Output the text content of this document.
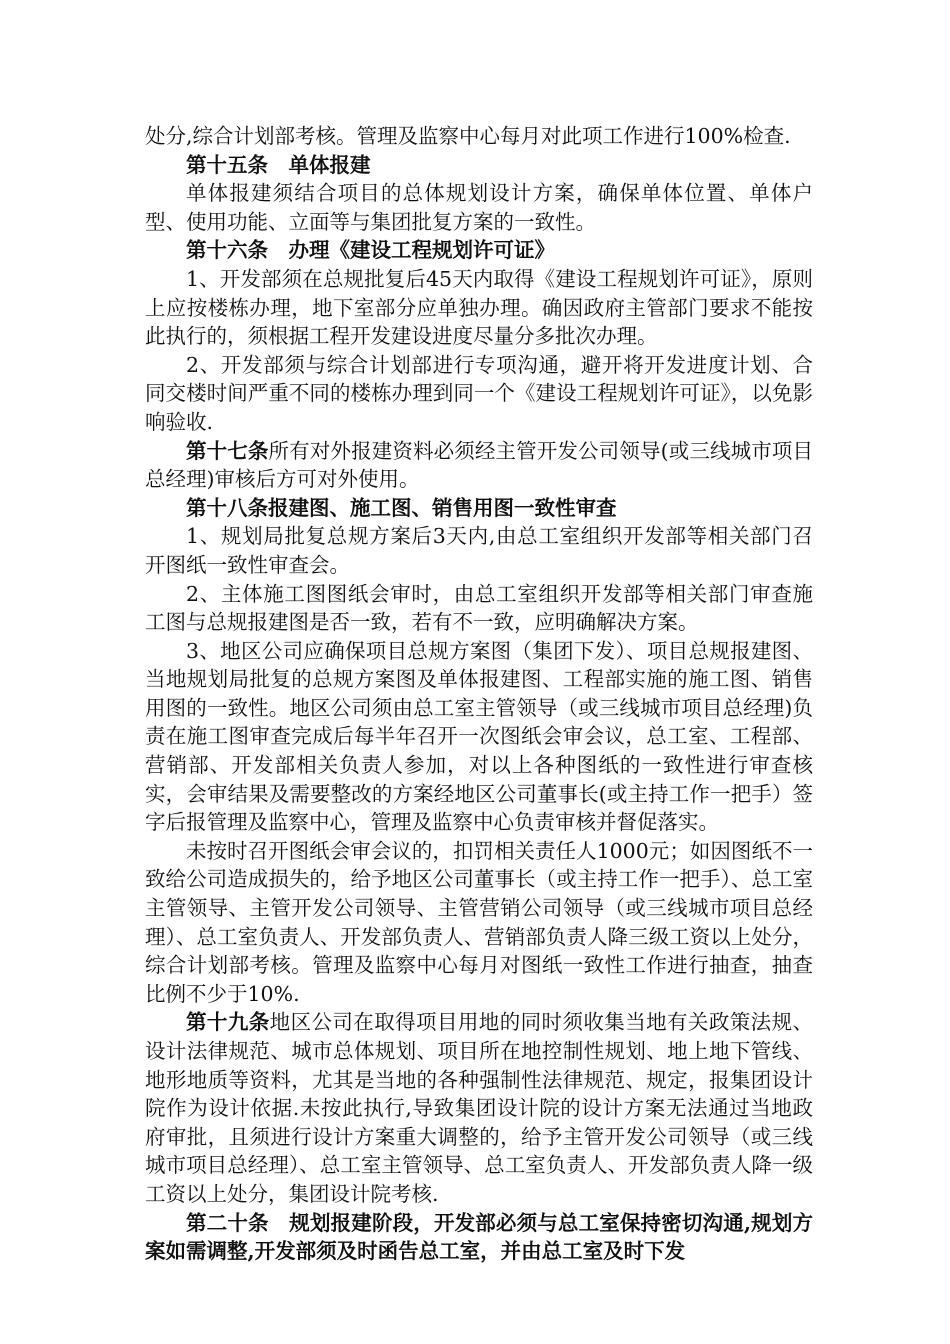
处分,综合计划部考核。管理及监察中心每月对此项工作进行100%检查.

第十五条　单体报建

单体报建须结合项目的总体规划设计方案，确保单体位置、单体户型、使用功能、立面等与集团批复方案的一致性。

第十六条　办理《建设工程规划许可证》

1、开发部须在总规批复后45天内取得《建设工程规划许可证》，原则上应按楼栋办理，地下室部分应单独办理。确因政府主管部门要求不能按此执行的，须根据工程开发建设进度尽量分多批次办理。

2、开发部须与综合计划部进行专项沟通，避开将开发进度计划、合同交楼时间严重不同的楼栋办理到同一个《建设工程规划许可证》，以免影响验收.

第十七条所有对外报建资料必须经主管开发公司领导(或三线城市项目总经理)审核后方可对外使用。

第十八条报建图、施工图、销售用图一致性审查

1、规划局批复总规方案后3天内,由总工室组织开发部等相关部门召开图纸一致性审查会。

2、主体施工图图纸会审时，由总工室组织开发部等相关部门审查施工图与总规报建图是否一致，若有不一致，应明确解决方案。

3、地区公司应确保项目总规方案图（集团下发）、项目总规报建图、当地规划局批复的总规方案图及单体报建图、工程部实施的施工图、销售用图的一致性。地区公司须由总工室主管领导（或三线城市项目总经理)负责在施工图审查完成后每半年召开一次图纸会审会议，总工室、工程部、营销部、开发部相关负责人参加，对以上各种图纸的一致性进行审查核实，会审结果及需要整改的方案经地区公司董事长(或主持工作一把手）签字后报管理及监察中心，管理及监察中心负责审核并督促落实。

未按时召开图纸会审会议的，扣罚相关责任人1000元；如因图纸不一致给公司造成损失的，给予地区公司董事长（或主持工作一把手）、总工室主管领导、主管开发公司领导、主管营销公司领导（或三线城市项目总经理）、总工室负责人、开发部负责人、营销部负责人降三级工资以上处分，综合计划部考核。管理及监察中心每月对图纸一致性工作进行抽查，抽查比例不少于10%.

第十九条地区公司在取得项目用地的同时须收集当地有关政策法规、设计法律规范、城市总体规划、项目所在地控制性规划、地上地下管线、地形地质等资料，尤其是当地的各种强制性法律规范、规定，报集团设计院作为设计依据.未按此执行,导致集团设计院的设计方案无法通过当地政府审批，且须进行设计方案重大调整的，给予主管开发公司领导（或三线城市项目总经理）、总工室主管领导、总工室负责人、开发部负责人降一级工资以上处分，集团设计院考核.

第二十条　规划报建阶段，开发部必须与总工室保持密切沟通,规划方案如需调整,开发部须及时函告总工室，并由总工室及时下发
